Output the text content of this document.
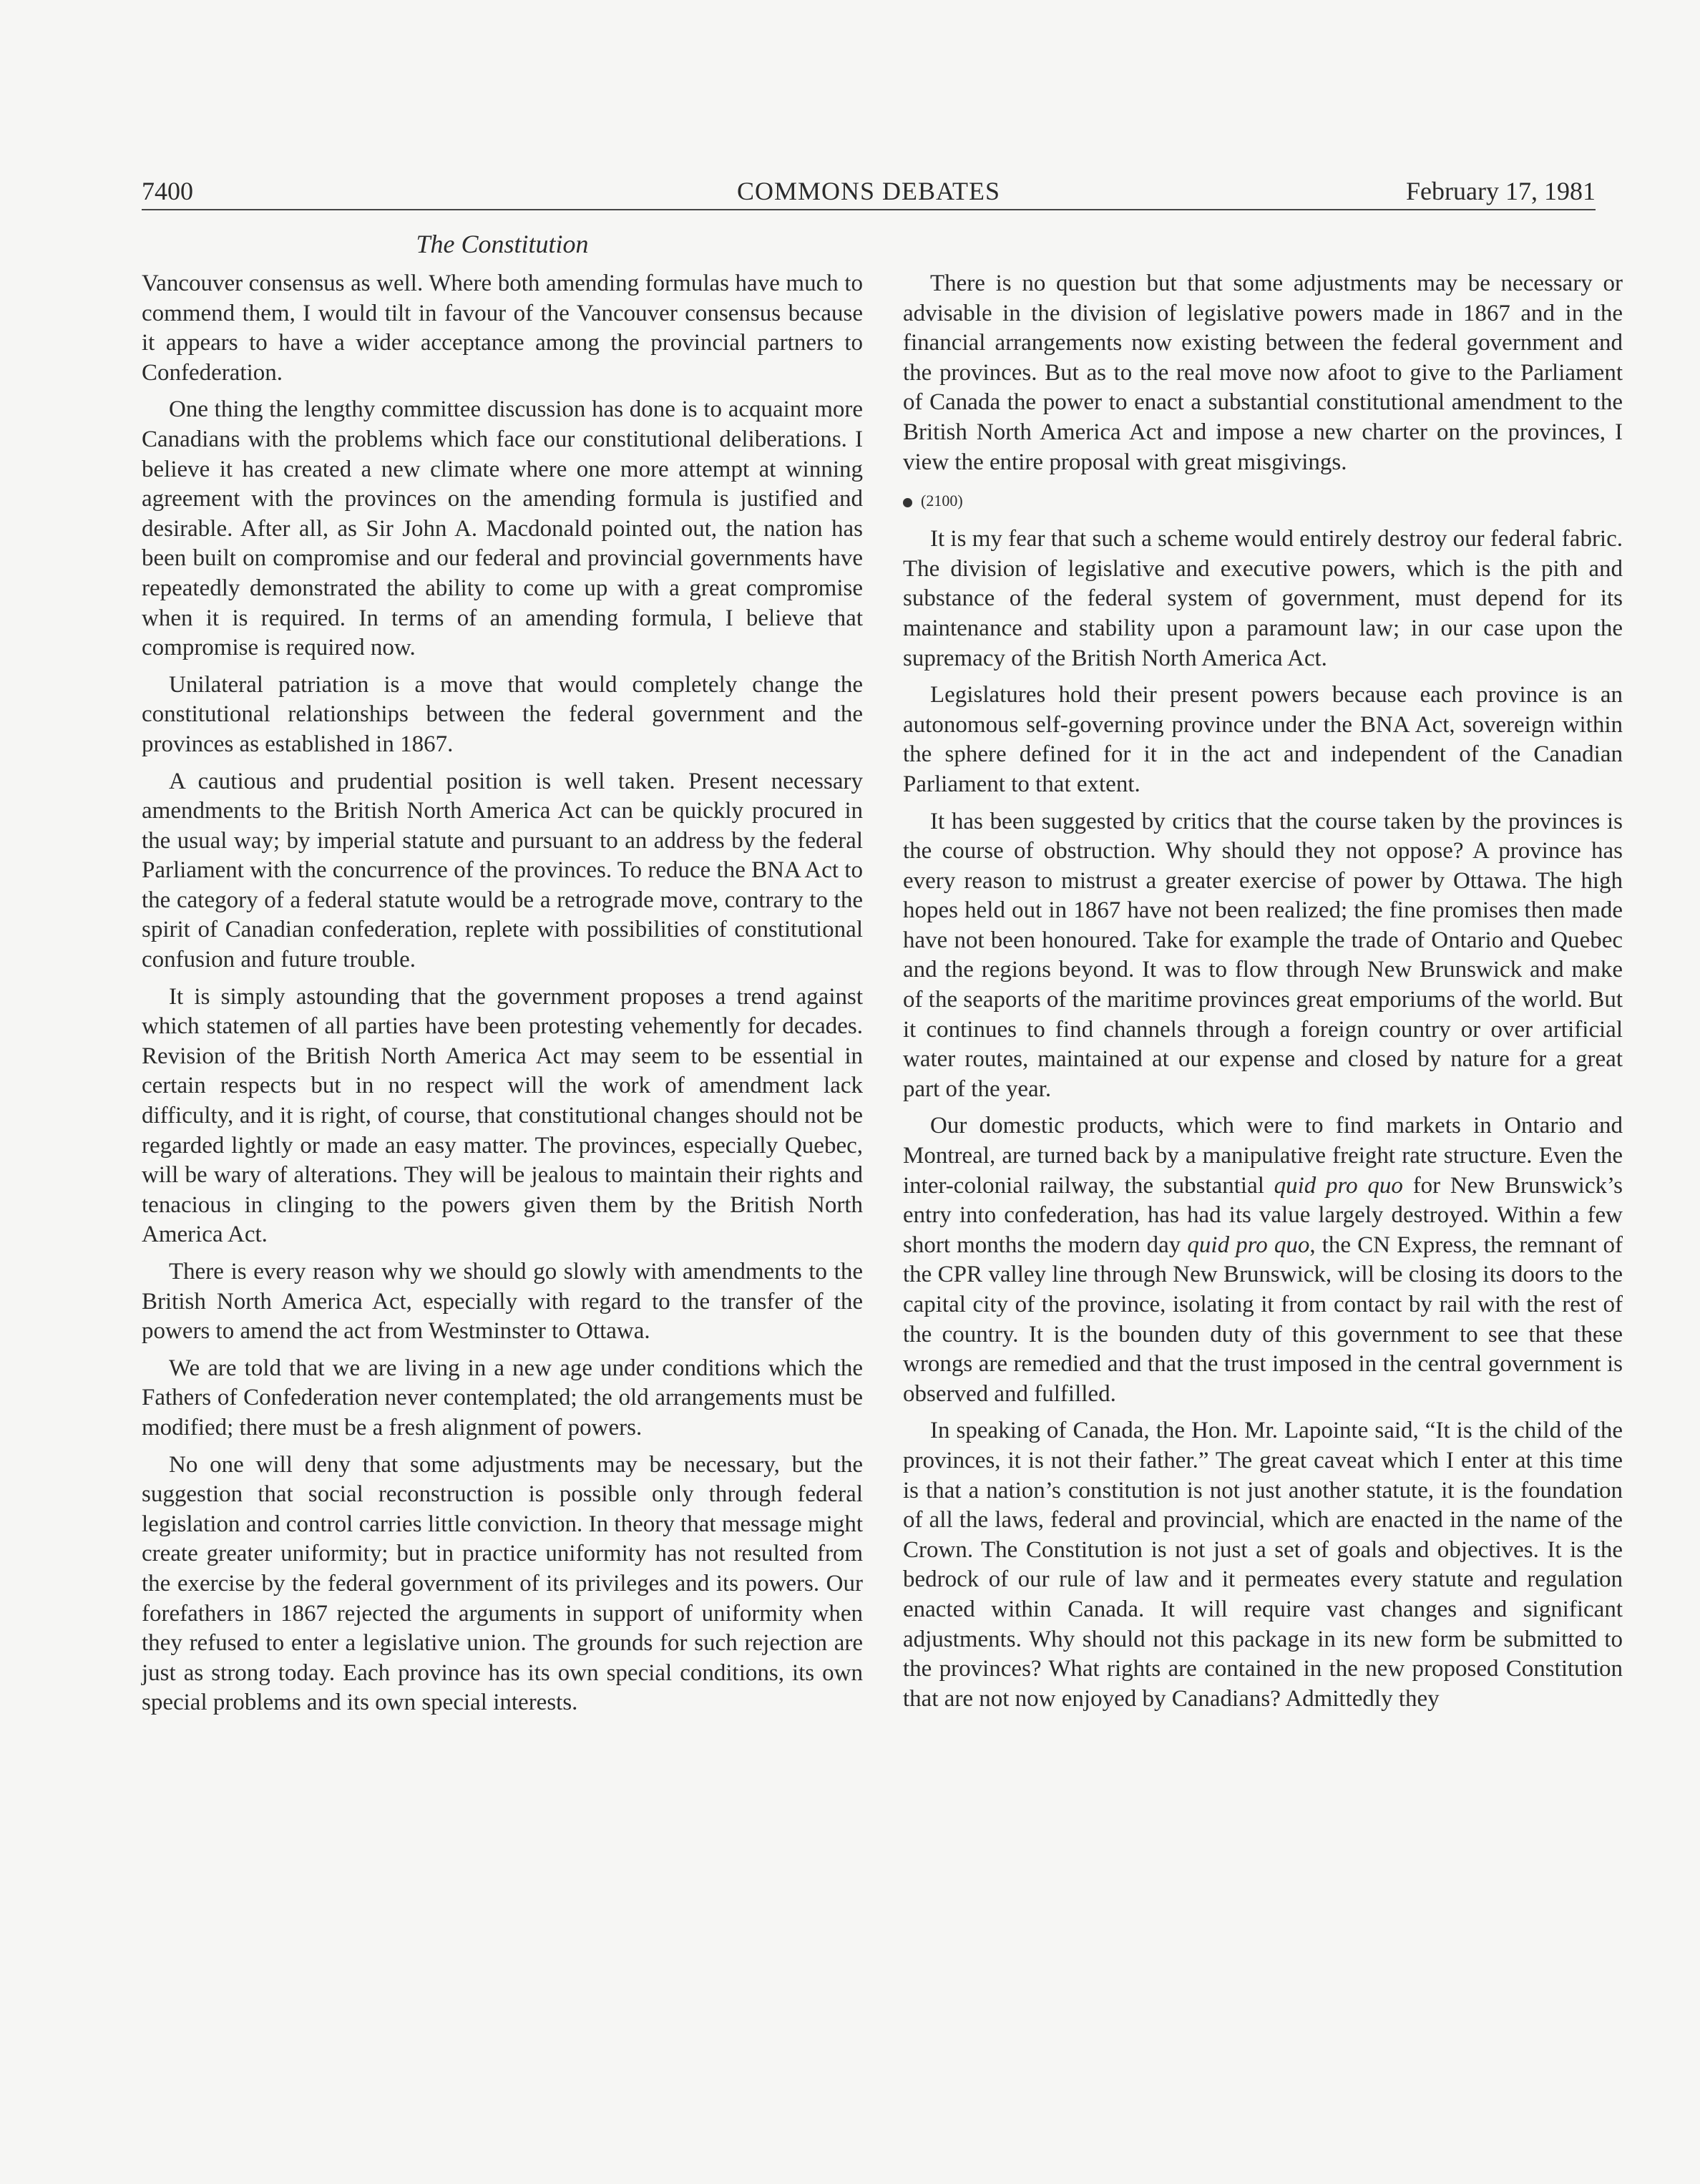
7400	COMMONS DEBATES	February 17, 1981
The Constitution

Vancouver consensus as well. Where both amending formulas have much to commend them, I would tilt in favour of the Vancouver consensus because it appears to have a wider acceptance among the provincial partners to Confederation.

One thing the lengthy committee discussion has done is to acquaint more Canadians with the problems which face our constitutional deliberations. I believe it has created a new climate where one more attempt at winning agreement with the provinces on the amending formula is justified and desirable. After all, as Sir John A. Macdonald pointed out, the nation has been built on compromise and our federal and provincial governments have repeatedly demonstrated the ability to come up with a great compromise when it is required. In terms of an amending formula, I believe that compromise is required now.

Unilateral patriation is a move that would completely change the constitutional relationships between the federal government and the provinces as established in 1867.

A cautious and prudential position is well taken. Present necessary amendments to the British North America Act can be quickly procured in the usual way; by imperial statute and pursuant to an address by the federal Parliament with the concurrence of the provinces. To reduce the BNA Act to the category of a federal statute would be a retrograde move, contrary to the spirit of Canadian confederation, replete with possibilities of constitutional confusion and future trouble.

It is simply astounding that the government proposes a trend against which statemen of all parties have been protesting vehemently for decades. Revision of the British North America Act may seem to be essential in certain respects but in no respect will the work of amendment lack difficulty, and it is right, of course, that constitutional changes should not be regarded lightly or made an easy matter. The provinces, especially Quebec, will be wary of alterations. They will be jealous to maintain their rights and tenacious in clinging to the powers given them by the British North America Act.

There is every reason why we should go slowly with amendments to the British North America Act, especially with regard to the transfer of the powers to amend the act from Westminster to Ottawa.

We are told that we are living in a new age under conditions which the Fathers of Confederation never contemplated; the old arrangements must be modified; there must be a fresh alignment of powers.

No one will deny that some adjustments may be necessary, but the suggestion that social reconstruction is possible only through federal legislation and control carries little conviction. In theory that message might create greater uniformity; but in practice uniformity has not resulted from the exercise by the federal government of its privileges and its powers. Our forefathers in 1867 rejected the arguments in support of uniformity when they refused to enter a legislative union. The grounds for such rejection are just as strong today. Each province has its own special conditions, its own special problems and its own special interests.

There is no question but that some adjustments may be necessary or advisable in the division of legislative powers made in 1867 and in the financial arrangements now existing between the federal government and the provinces. But as to the real move now afoot to give to the Parliament of Canada the power to enact a substantial constitutional amendment to the British North America Act and impose a new charter on the provinces, I view the entire proposal with great misgivings.

(2100)

It is my fear that such a scheme would entirely destroy our federal fabric. The division of legislative and executive powers, which is the pith and substance of the federal system of government, must depend for its maintenance and stability upon a paramount law; in our case upon the supremacy of the British North America Act.

Legislatures hold their present powers because each province is an autonomous self-governing province under the BNA Act, sovereign within the sphere defined for it in the act and independent of the Canadian Parliament to that extent.

It has been suggested by critics that the course taken by the provinces is the course of obstruction. Why should they not oppose? A province has every reason to mistrust a greater exercise of power by Ottawa. The high hopes held out in 1867 have not been realized; the fine promises then made have not been honoured. Take for example the trade of Ontario and Quebec and the regions beyond. It was to flow through New Brunswick and make of the seaports of the maritime provinces great emporiums of the world. But it continues to find channels through a foreign country or over artificial water routes, maintained at our expense and closed by nature for a great part of the year.

Our domestic products, which were to find markets in Ontario and Montreal, are turned back by a manipulative freight rate structure. Even the inter-colonial railway, the substantial quid pro quo for New Brunswick’s entry into confederation, has had its value largely destroyed. Within a few short months the modern day quid pro quo, the CN Express, the remnant of the CPR valley line through New Brunswick, will be closing its doors to the capital city of the province, isolating it from contact by rail with the rest of the country. It is the bounden duty of this government to see that these wrongs are remedied and that the trust imposed in the central government is observed and fulfilled.

In speaking of Canada, the Hon. Mr. Lapointe said, “It is the child of the provinces, it is not their father.” The great caveat which I enter at this time is that a nation’s constitution is not just another statute, it is the foundation of all the laws, federal and provincial, which are enacted in the name of the Crown. The Constitution is not just a set of goals and objectives. It is the bedrock of our rule of law and it permeates every statute and regulation enacted within Canada. It will require vast changes and significant adjustments. Why should not this package in its new form be submitted to the provinces? What rights are contained in the new proposed Constitution that are not now enjoyed by Canadians? Admittedly they
